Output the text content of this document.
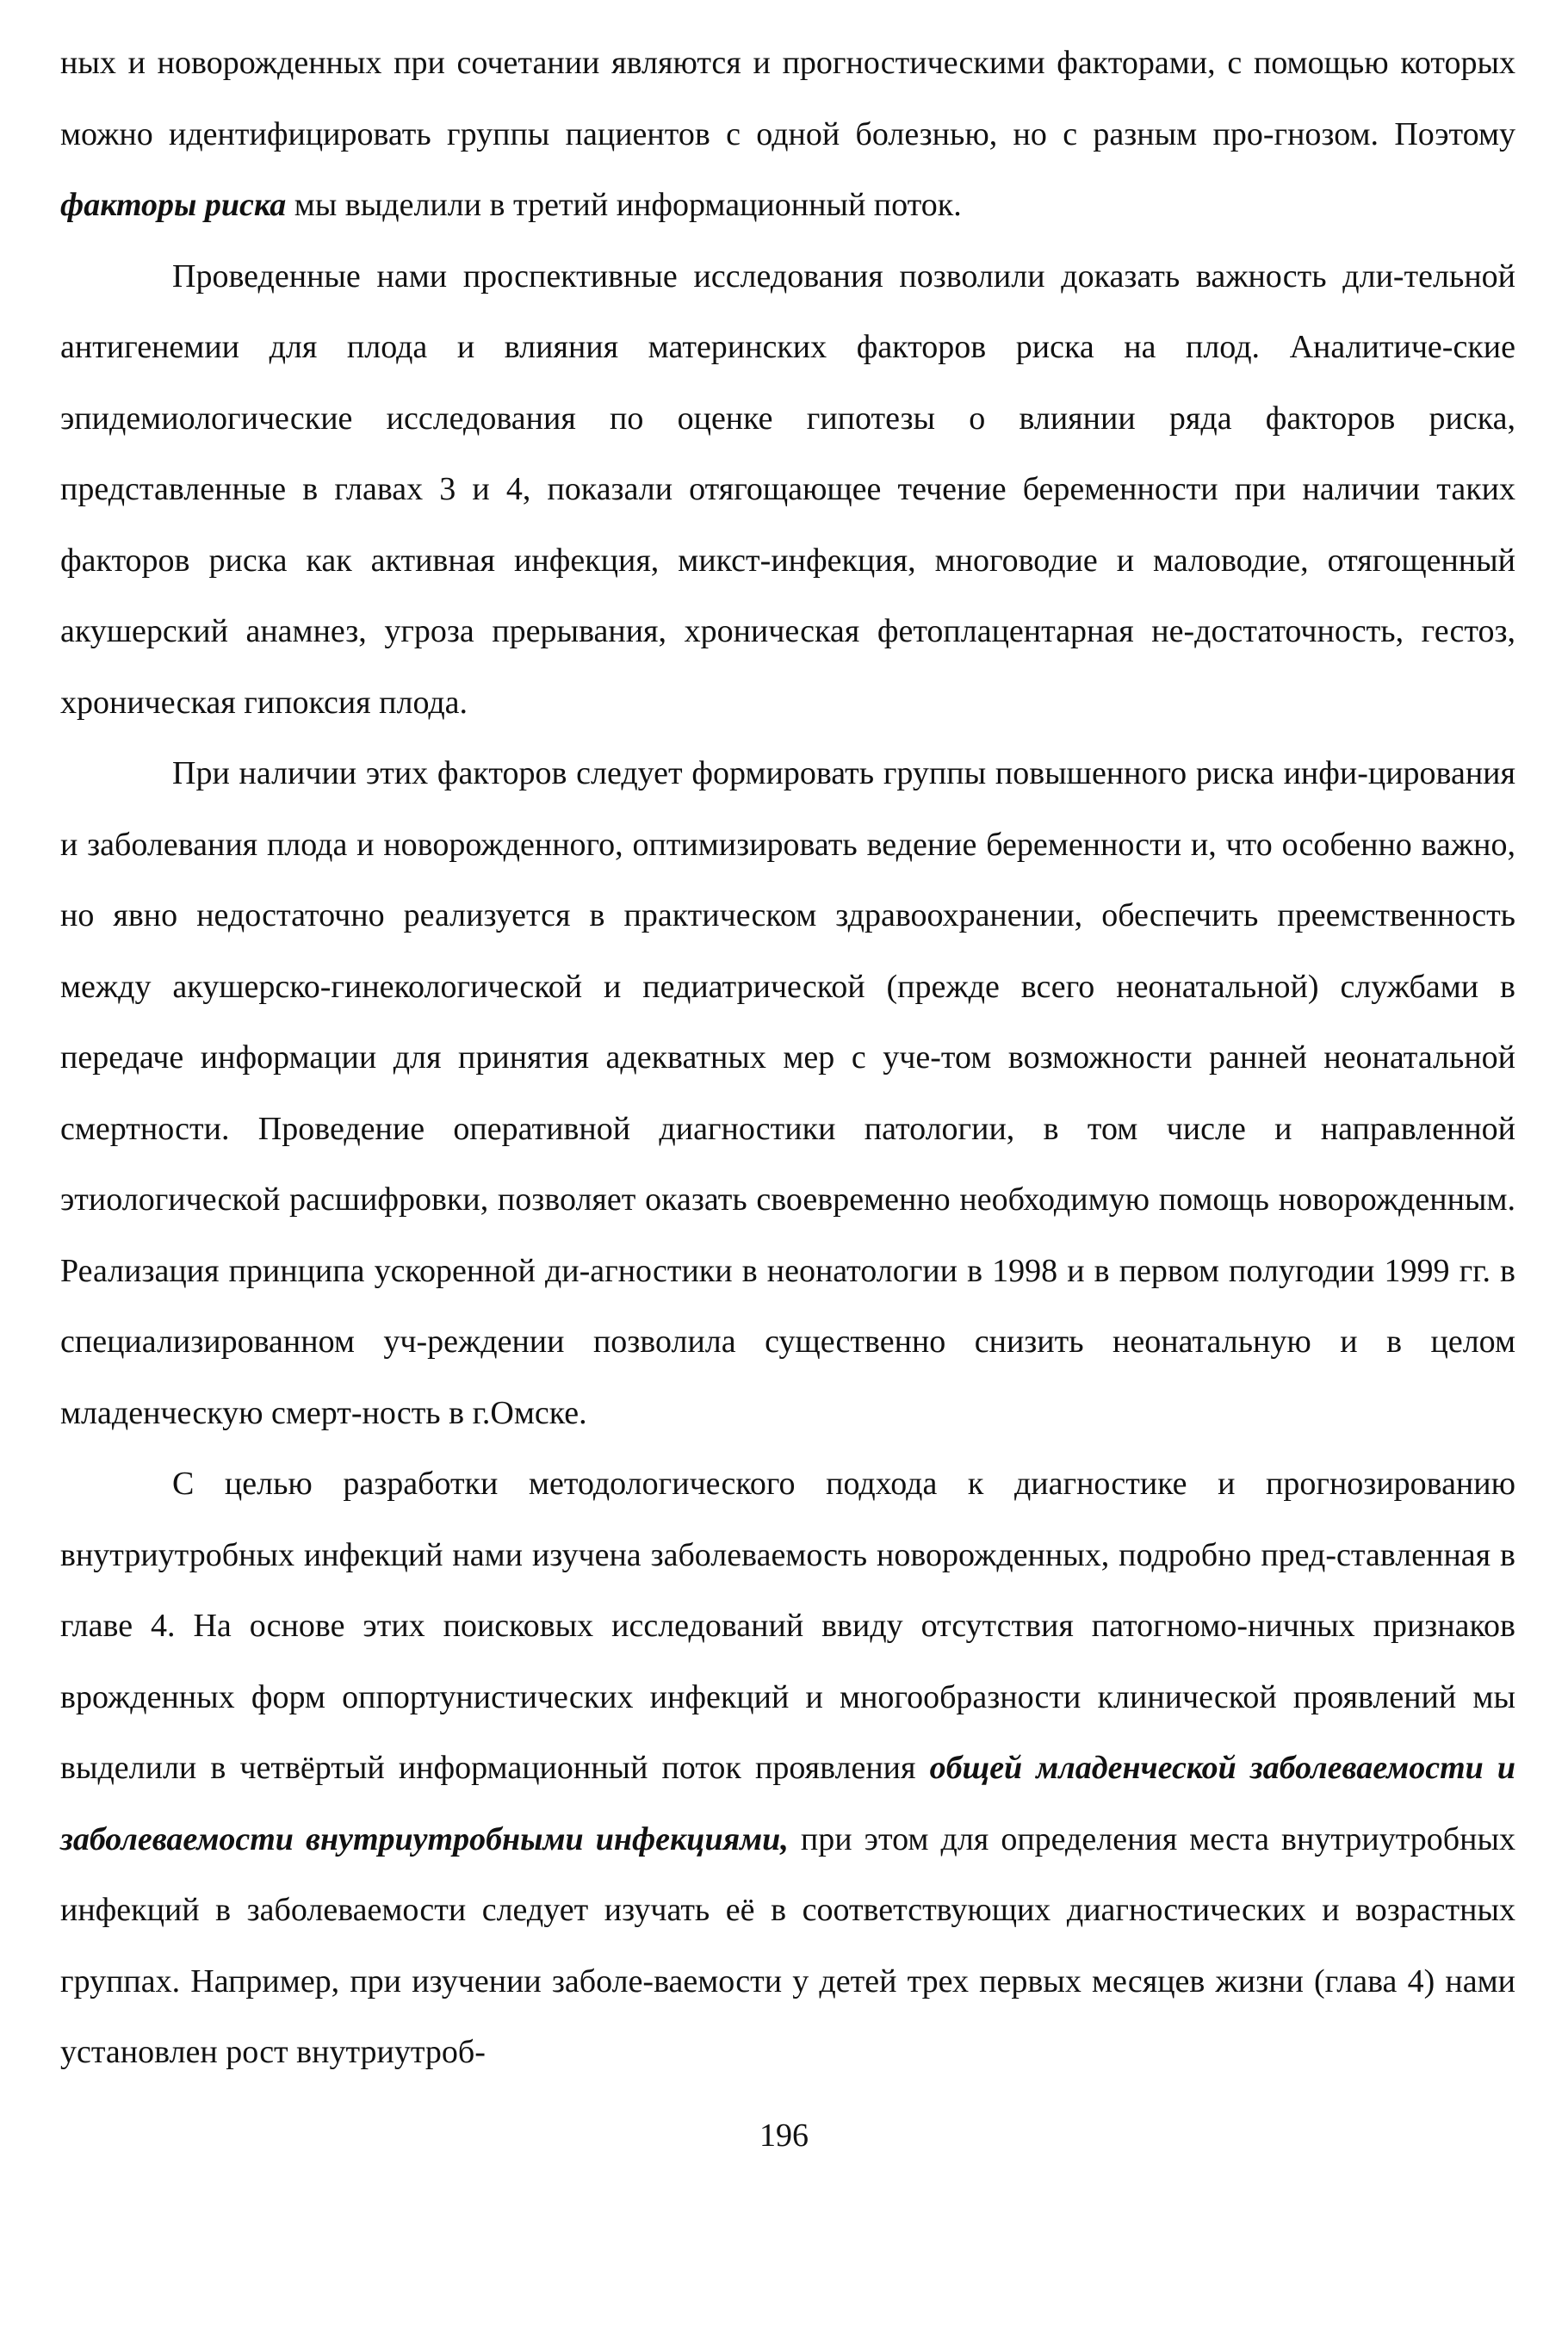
ных и новорожденных при сочетании являются и прогностическими факторами, с помощью которых можно идентифицировать группы пациентов с одной болезнью, но с разным про-гнозом. Поэтому факторы риска мы выделили в третий информационный поток.

Проведенные нами проспективные исследования позволили доказать важность дли-тельной антигенемии для плода и влияния материнских факторов риска на плод. Аналитиче-ские эпидемиологические исследования по оценке гипотезы о влиянии ряда факторов риска, представленные в главах 3 и 4, показали отягощающее течение беременности при наличии таких факторов риска как активная инфекция, микст-инфекция, многоводие и маловодие, отягощенный акушерский анамнез, угроза прерывания, хроническая фетоплацентарная не-достаточность, гестоз, хроническая гипоксия плода.

При наличии этих факторов следует формировать группы повышенного риска инфи-цирования и заболевания плода и новорожденного, оптимизировать ведение беременности и, что особенно важно, но явно недостаточно реализуется в практическом здравоохранении, обеспечить преемственность между акушерско-гинекологической и педиатрической (прежде всего неонатальной) службами в передаче информации для принятия адекватных мер с уче-том возможности ранней неонатальной смертности. Проведение оперативной диагностики патологии, в том числе и направленной этиологической расшифровки, позволяет оказать своевременно необходимую помощь новорожденным. Реализация принципа ускоренной ди-агностики в неонатологии в 1998 и в первом полугодии 1999 гг. в специализированном уч-реждении позволила существенно снизить неонатальную и в целом младенческую смерт-ность в г.Омске.

С целью разработки методологического подхода к диагностике и прогнозированию внутриутробных инфекций нами изучена заболеваемость новорожденных, подробно пред-ставленная в главе 4. На основе этих поисковых исследований ввиду отсутствия патогномо-ничных признаков врожденных форм оппортунистических инфекций и многообразности клинической проявлений мы выделили в четвёртый информационный поток проявления общей младенческой заболеваемости и заболеваемости внутриутробными инфекциями, при этом для определения места внутриутробных инфекций в заболеваемости следует изучать её в соответствующих диагностических и возрастных группах. Например, при изучении заболе-ваемости у детей трех первых месяцев жизни (глава 4) нами установлен рост внутриутроб-

196
